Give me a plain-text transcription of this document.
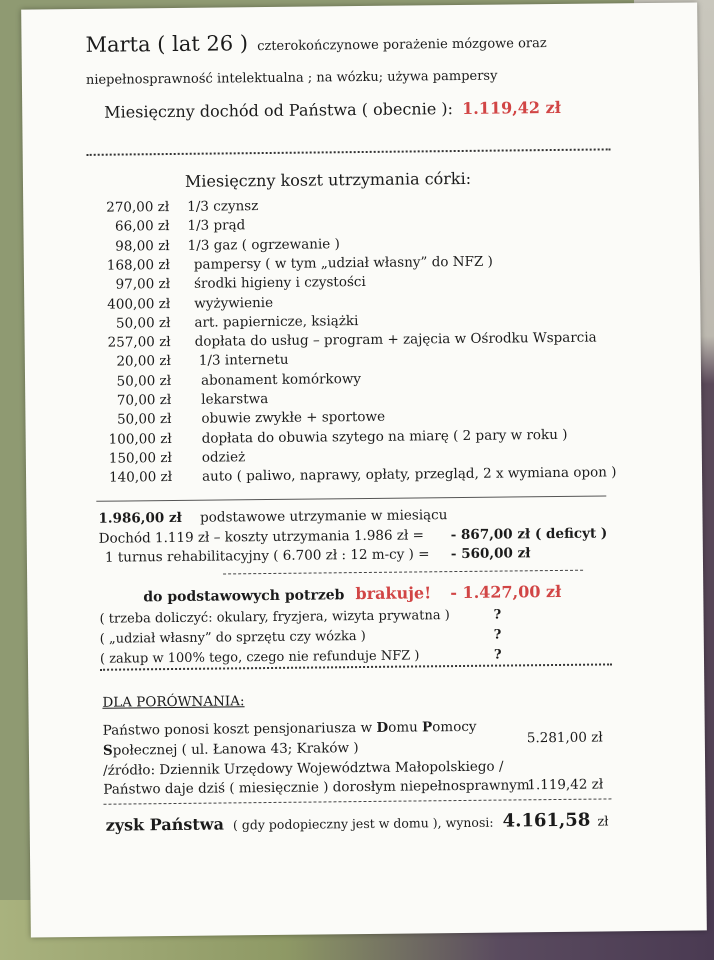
Marta ( lat 26 ) czterokończynowe porażenie mózgowe oraz
niepełnosprawność intelektualna ; na wózku; używa pampersy
Miesięczny dochód od Państwa ( obecnie ): 1.119,42 zł
Miesięczny koszt utrzymania córki:
270,00 zł 1/3 czynsz
66,00 zł 1/3 prąd
98,00 zł 1/3 gaz ( ogrzewanie )
168,00 zł pampersy ( w tym „udział własny” do NFZ )
97,00 zł środki higieny i czystości
400,00 zł wyżywienie
50,00 zł art. papiernicze, książki
257,00 zł dopłata do usług – program + zajęcia w Ośrodku Wsparcia
20,00 zł 1/3 internetu
50,00 zł abonament komórkowy
70,00 zł lekarstwa
50,00 zł obuwie zwykłe + sportowe
100,00 zł dopłata do obuwia szytego na miarę ( 2 pary w roku )
150,00 zł odzież
140,00 zł auto ( paliwo, naprawy, opłaty, przegląd, 2 x wymiana opon )
1.986,00 zł podstawowe utrzymanie w miesiącu
Dochód 1.119 zł – koszty utrzymania 1.986 zł = - 867,00 zł ( deficyt )
1 turnus rehabilitacyjny ( 6.700 zł : 12 m-cy ) = - 560,00 zł
do podstawowych potrzeb brakuje! - 1.427,00 zł
( trzeba doliczyć: okulary, fryzjera, wizyta prywatna )	?
( „udział własny” do sprzętu czy wózka )	?
( zakup w 100% tego, czego nie refunduje NFZ )	?
DLA PORÓWNANIA:
Państwo ponosi koszt pensjonariusza w Domu Pomocy
Społecznej ( ul. Łanowa 43; Kraków )
5.281,00 zł
/źródło: Dziennik Urzędowy Województwa Małopolskiego /
Państwo daje dziś ( miesięcznie ) dorosłym niepełnosprawnym
1.119,42 zł
zysk Państwa ( gdy podopieczny jest w domu ), wynosi: 4.161,58 zł
